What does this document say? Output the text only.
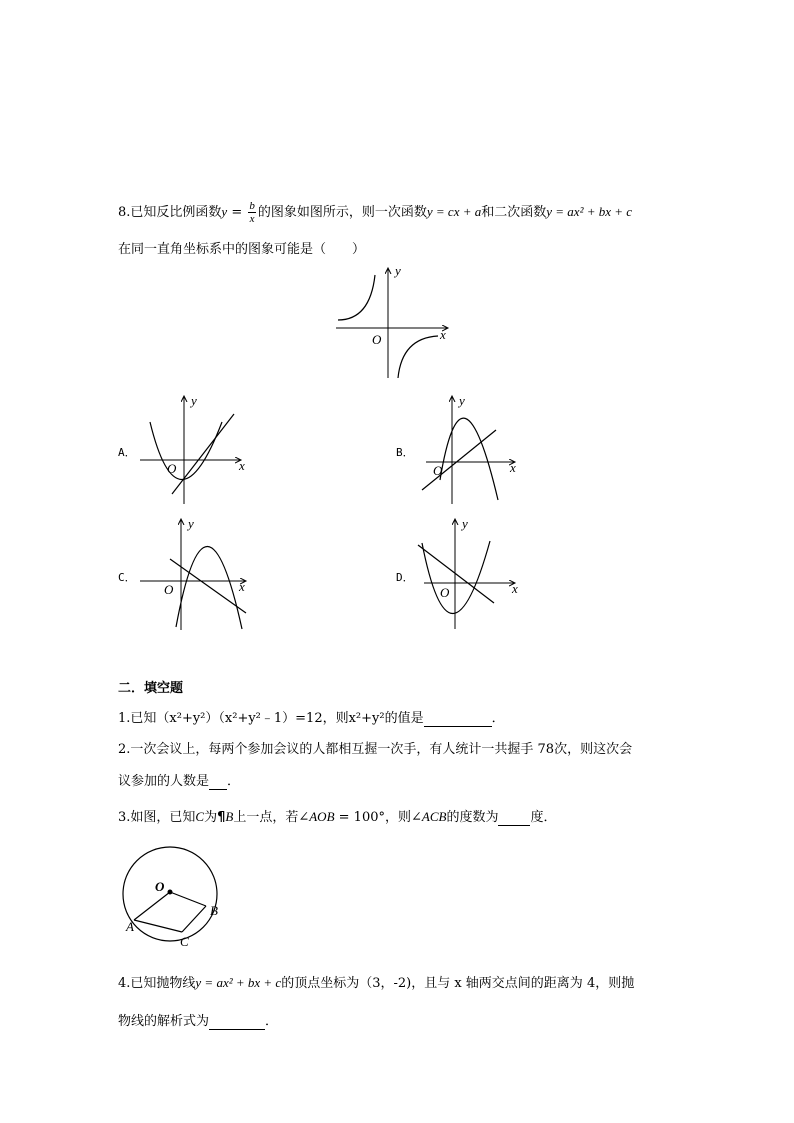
8.已知反比例函数$y = \frac{b}{x}$ 的图象如图所示，则一次函数y = cx + a和二次函数y = ax² + bx + c
在同一直角坐标系中的图象可能是（　　）
x
y
O
A．	B．
C．	D．
x
y
O	x
y
O
x
y
O	x
y
O
二．填空题
1.已知（x²+y²）（x²+y²﹣1）=12，则x²+y²的值是	．
2.一次会议上，每两个参加会议的人都相互握一次手，有人统计一共握手 78次，则这次会
议参加的人数是 ．
3.如图，已知C为¶B上一点，若∠AOB = 100°，则∠ACB的度数为 度．
O
A
B
C
4.已知抛物线y = ax² + bx + c的顶点坐标为（3，-2)，且与 x 轴两交点间的距离为 4，则抛
物线的解析式为	．
